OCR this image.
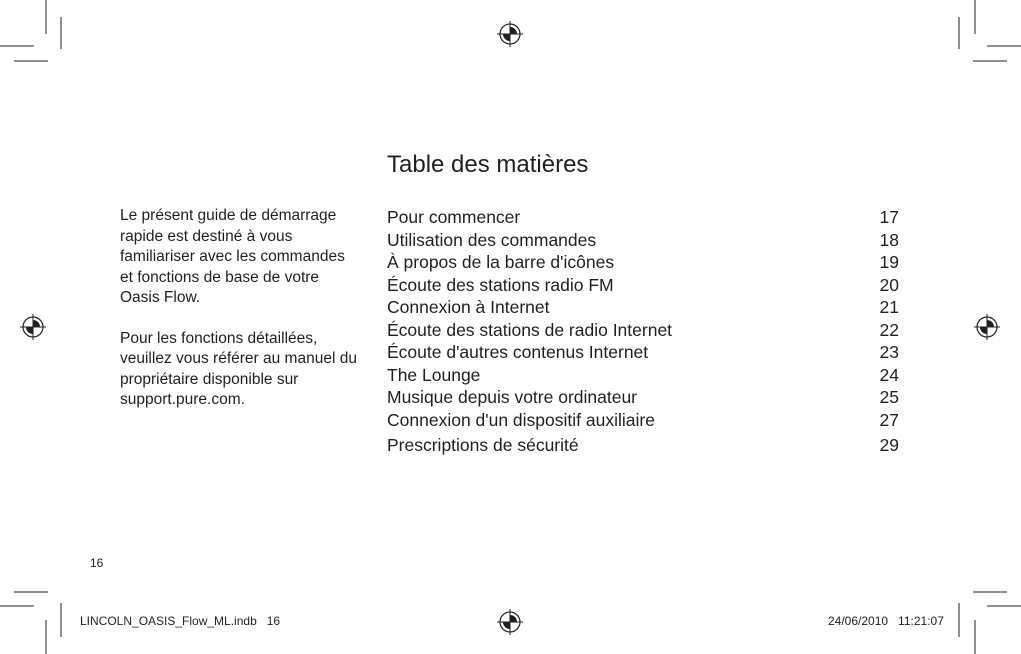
Le présent guide de démarrage rapide est destiné à vous familiariser avec les commandes et fonctions de base de votre Oasis Flow.

Pour les fonctions détaillées, veuillez vous référer au manuel du propriétaire disponible sur support.pure.com.

Table des matières
Pour commencer	17
Utilisation des commandes	18
À propos de la barre d'icônes	19
Écoute des stations radio FM	20
Connexion à Internet	21
Écoute des stations de radio Internet	22
Écoute d'autres contenus Internet	23
The Lounge	24
Musique depuis votre ordinateur	25
Connexion d'un dispositif auxiliaire	27
Prescriptions de sécurité	29
16
LINCOLN_OASIS_Flow_ML.indb   16	24/06/2010   11:21:07
